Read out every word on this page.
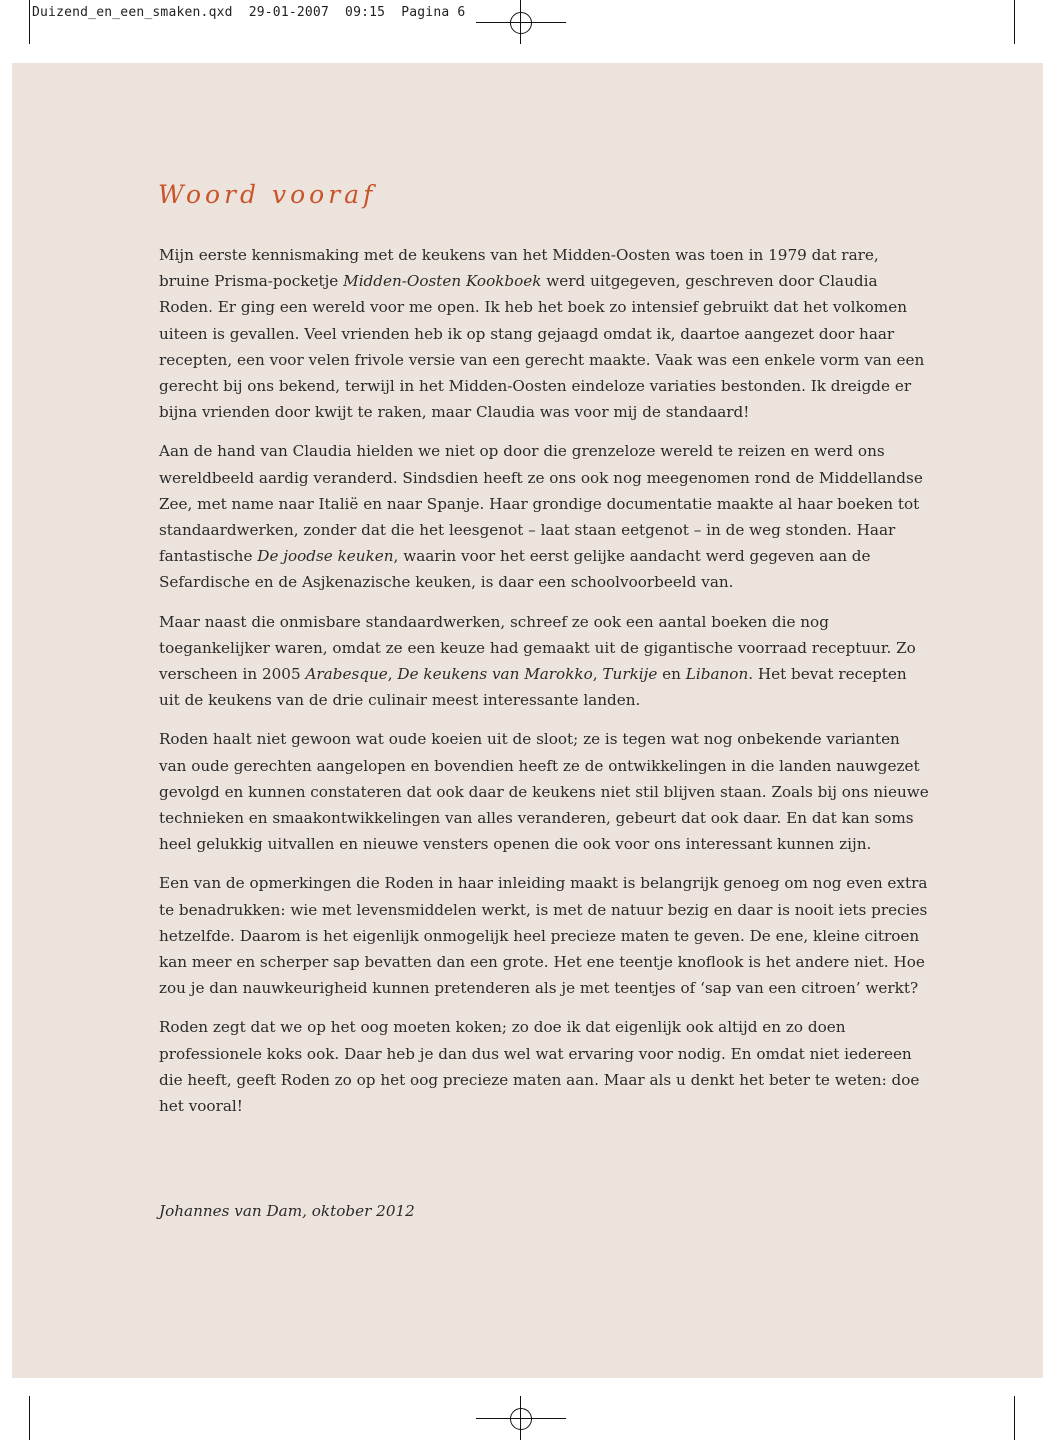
Duizend_en_een_smaken.qxd  29-01-2007  09:15  Pagina 6
Woord vooraf

Mijn eerste kennismaking met de keukens van het Midden-Oosten was toen in 1979 dat rare, bruine Prisma-pocketje Midden-Oosten Kookboek werd uitgegeven, geschreven door Claudia Roden. Er ging een wereld voor me open. Ik heb het boek zo intensief gebruikt dat het volkomen uiteen is gevallen. Veel vrienden heb ik op stang gejaagd omdat ik, daartoe aangezet door haar recepten, een voor velen frivole versie van een gerecht maakte. Vaak was een enkele vorm van een gerecht bij ons bekend, terwijl in het Midden-Oosten eindeloze variaties bestonden. Ik dreigde er bijna vrienden door kwijt te raken, maar Claudia was voor mij de standaard!

Aan de hand van Claudia hielden we niet op door die grenzeloze wereld te reizen en werd ons wereldbeeld aardig veranderd. Sindsdien heeft ze ons ook nog meegenomen rond de Middellandse Zee, met name naar Italië en naar Spanje. Haar grondige documentatie maakte al haar boeken tot standaardwerken, zonder dat die het leesgenot – laat staan eetgenot – in de weg stonden. Haar fantastische De joodse keuken, waarin voor het eerst gelijke aandacht werd gegeven aan de Sefardische en de Asjkenazische keuken, is daar een schoolvoorbeeld van.

Maar naast die onmisbare standaardwerken, schreef ze ook een aantal boeken die nog toegankelijker waren, omdat ze een keuze had gemaakt uit de gigantische voorraad receptuur. Zo verscheen in 2005 Arabesque, De keukens van Marokko, Turkije en Libanon. Het bevat recepten uit de keukens van de drie culinair meest interessante landen.

Roden haalt niet gewoon wat oude koeien uit de sloot; ze is tegen wat nog onbekende varianten van oude gerechten aangelopen en bovendien heeft ze de ontwikkelingen in die landen nauwgezet gevolgd en kunnen constateren dat ook daar de keukens niet stil blijven staan. Zoals bij ons nieuwe technieken en smaakontwikkelingen van alles veranderen, gebeurt dat ook daar. En dat kan soms heel gelukkig uitvallen en nieuwe vensters openen die ook voor ons interessant kunnen zijn.

Een van de opmerkingen die Roden in haar inleiding maakt is belangrijk genoeg om nog even extra te benadrukken: wie met levensmiddelen werkt, is met de natuur bezig en daar is nooit iets precies hetzelfde. Daarom is het eigenlijk onmogelijk heel precieze maten te geven. De ene, kleine citroen kan meer en scherper sap bevatten dan een grote. Het ene teentje knoflook is het andere niet. Hoe zou je dan nauwkeurigheid kunnen pretenderen als je met teentjes of ‘sap van een citroen’ werkt?

Roden zegt dat we op het oog moeten koken; zo doe ik dat eigenlijk ook altijd en zo doen professionele koks ook. Daar heb je dan dus wel wat ervaring voor nodig. En omdat niet iedereen die heeft, geeft Roden zo op het oog precieze maten aan. Maar als u denkt het beter te weten: doe het vooral!

Johannes van Dam, oktober 2012
